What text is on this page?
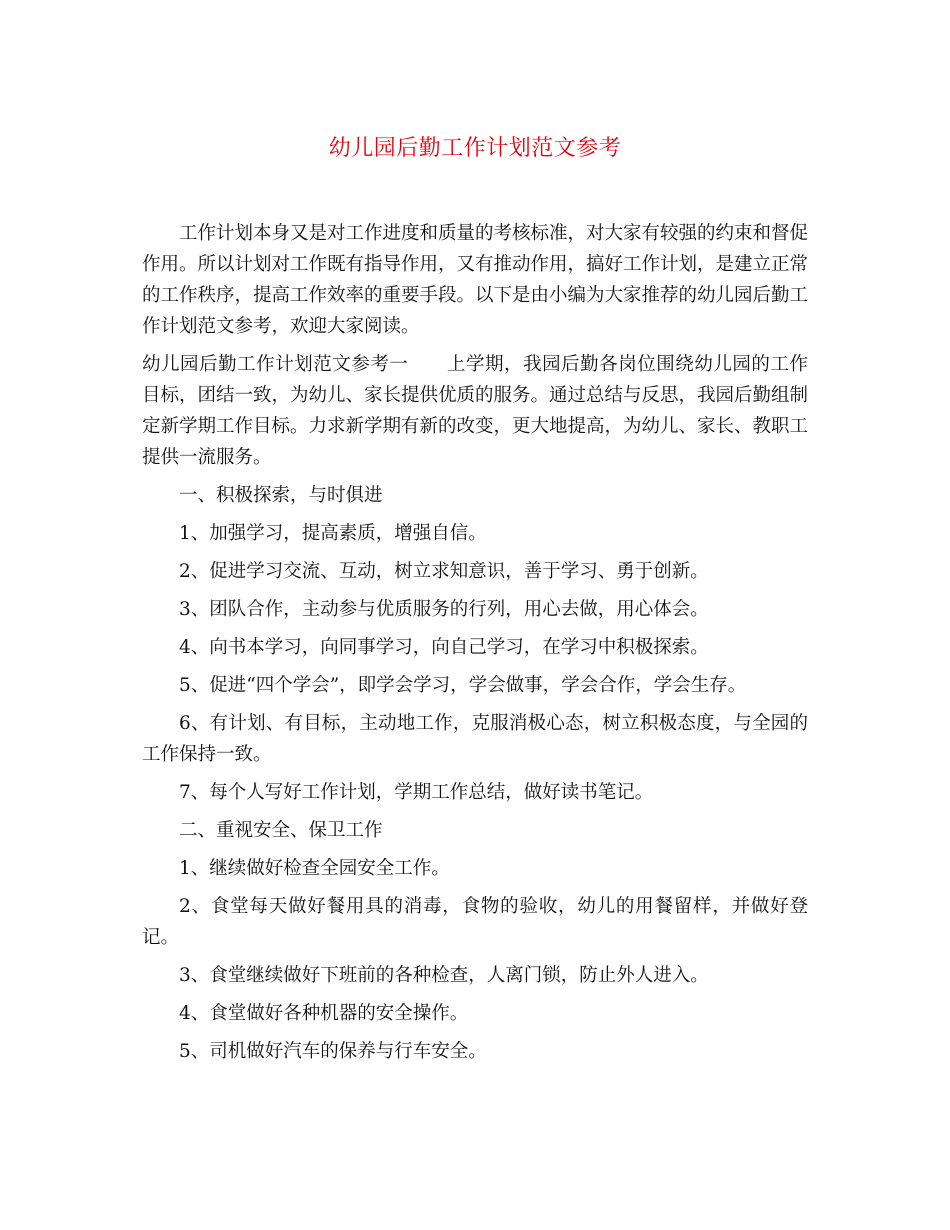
幼儿园后勤工作计划范文参考

工作计划本身又是对工作进度和质量的考核标准，对大家有较强的约束和督促作用。所以计划对工作既有指导作用，又有推动作用，搞好工作计划，是建立正常的工作秩序，提高工作效率的重要手段。以下是由小编为大家推荐的幼儿园后勤工作计划范文参考，欢迎大家阅读。

幼儿园后勤工作计划范文参考一 上学期，我园后勤各岗位围绕幼儿园的工作目标，团结一致，为幼儿、家长提供优质的服务。通过总结与反思，我园后勤组制定新学期工作目标。力求新学期有新的改变，更大地提高，为幼儿、家长、教职工提供一流服务。

一、积极探索，与时俱进

1、加强学习，提高素质，增强自信。

2、促进学习交流、互动，树立求知意识，善于学习、勇于创新。

3、团队合作，主动参与优质服务的行列，用心去做，用心体会。

4、向书本学习，向同事学习，向自己学习，在学习中积极探索。

5、促进“四个学会”，即学会学习，学会做事，学会合作，学会生存。

6、有计划、有目标，主动地工作，克服消极心态，树立积极态度，与全园的工作保持一致。

7、每个人写好工作计划，学期工作总结，做好读书笔记。

二、重视安全、保卫工作

1、继续做好检查全园安全工作。

2、食堂每天做好餐用具的消毒，食物的验收，幼儿的用餐留样，并做好登记。

3、食堂继续做好下班前的各种检查，人离门锁，防止外人进入。

4、食堂做好各种机器的安全操作。

5、司机做好汽车的保养与行车安全。
